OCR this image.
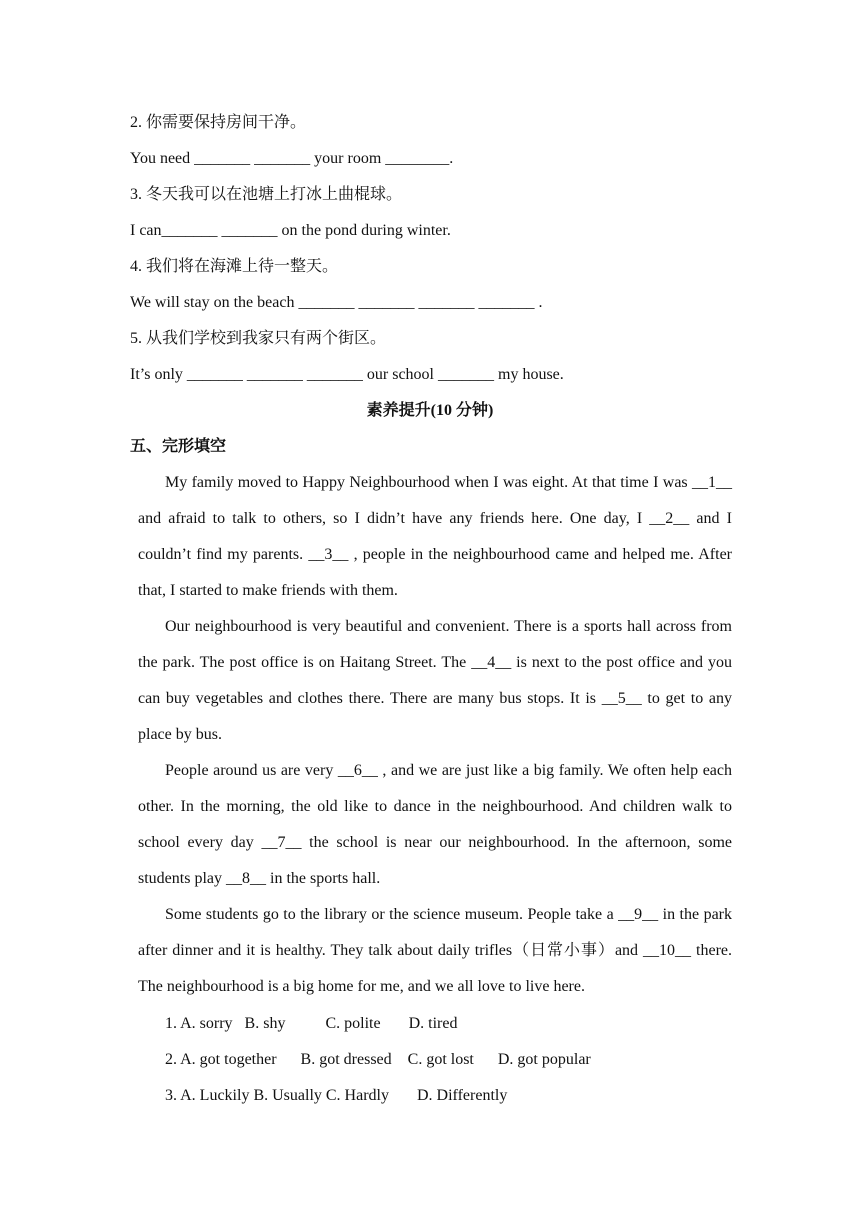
2. 你需要保持房间干净。
You need _______ _______ your room ________.
3. 冬天我可以在池塘上打冰上曲棍球。
I can_______ _______ on the pond during winter.
4. 我们将在海滩上待一整天。
We will stay on the beach _______ _______ _______ _______ .
5. 从我们学校到我家只有两个街区。
It’s only _______ _______ _______ our school _______ my house.
素养提升(10 分钟)
五、完形填空

My family moved to Happy Neighbourhood when I was eight. At that time I was __1__ and afraid to talk to others, so I didn’t have any friends here. One day, I __2__ and I couldn’t find my parents. __3__ , people in the neighbourhood came and helped me. After that, I started to make friends with them.

Our neighbourhood is very beautiful and convenient. There is a sports hall across from the park. The post office is on Haitang Street. The __4__ is next to the post office and you can buy vegetables and clothes there. There are many bus stops. It is __5__ to get to any place by bus.

People around us are very __6__ , and we are just like a big family. We often help each other. In the morning, the old like to dance in the neighbourhood. And children walk to school every day __7__ the school is near our neighbourhood. In the afternoon, some students play __8__ in the sports hall.

Some students go to the library or the science museum. People take a __9__ in the park after dinner and it is healthy. They talk about daily trifles（日常小事）and __10__ there. The neighbourhood is a big home for me, and we all love to live here.

1. A. sorry   B. shy          C. polite       D. tired
2. A. got together      B. got dressed    C. got lost      D. got popular
3. A. Luckily B. Usually C. Hardly       D. Differently
